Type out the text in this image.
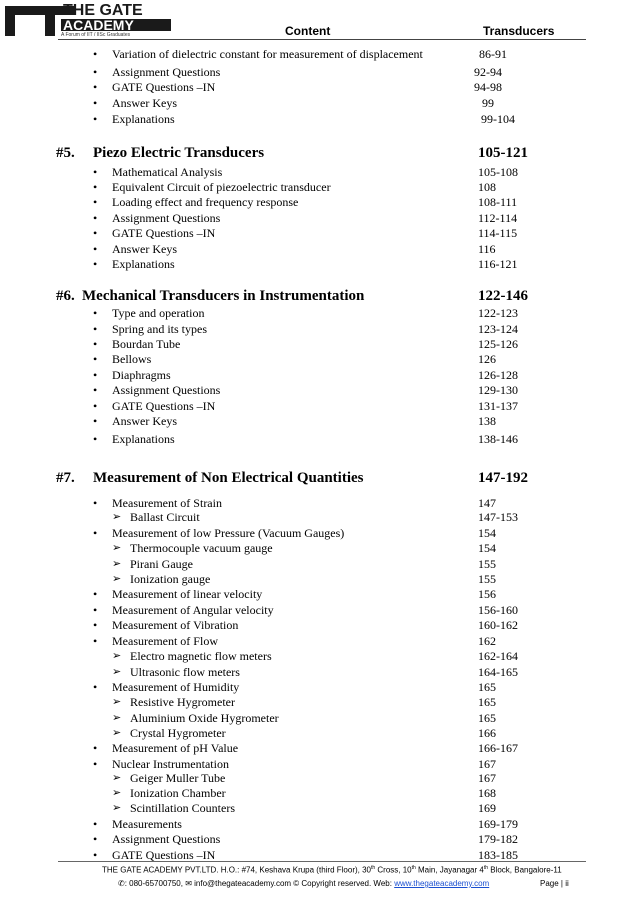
THE GATE
ACADEMY
A Forum of IIT / IISc Graduates	Content	Transducers
• Variation of dielectric constant for measurement of displacement	86-91
• Assignment Questions	92-94
• GATE Questions –IN	94-98
• Answer Keys	99
• Explanations	99-104
#5. Piezo Electric Transducers	105-121
• Mathematical Analysis	105-108
• Equivalent Circuit of piezoelectric transducer	108
• Loading effect and frequency response	108-111
• Assignment Questions	112-114
• GATE Questions –IN	114-115
• Answer Keys	116
• Explanations	116-121
#6. Mechanical Transducers in Instrumentation	122-146
• Type and operation	122-123
• Spring and its types	123-124
• Bourdan Tube	125-126
• Bellows	126
• Diaphragms	126-128
• Assignment Questions	129-130
• GATE Questions –IN	131-137
• Answer Keys	138
• Explanations	138-146
#7. Measurement of Non Electrical Quantities	147-192
• Measurement of Strain	147
➢ Ballast Circuit	147-153
• Measurement of low Pressure (Vacuum Gauges)	154
➢ Thermocouple vacuum gauge	154
➢ Pirani Gauge	155
➢ Ionization gauge	155
• Measurement of linear velocity	156
• Measurement of Angular velocity	156-160
• Measurement of Vibration	160-162
• Measurement of Flow	162
➢ Electro magnetic flow meters	162-164
➢ Ultrasonic flow meters	164-165
• Measurement of Humidity	165
➢ Resistive Hygrometer	165
➢ Aluminium Oxide Hygrometer	165
➢ Crystal Hygrometer	166
• Measurement of pH Value	166-167
• Nuclear Instrumentation	167
➢ Geiger Muller Tube	167
➢ Ionization Chamber	168
➢ Scintillation Counters	169
• Measurements	169-179
• Assignment Questions	179-182
• GATE Questions –IN	183-185
THE GATE ACADEMY PVT.LTD. H.O.: #74, Keshava Krupa (third Floor), 30th Cross, 10th Main, Jayanagar 4th Block, Bangalore-11
✆: 080-65700750, ✉ info@thegateacademy.com © Copyright reserved. Web: www.thegateacademy.com	Page | ii
